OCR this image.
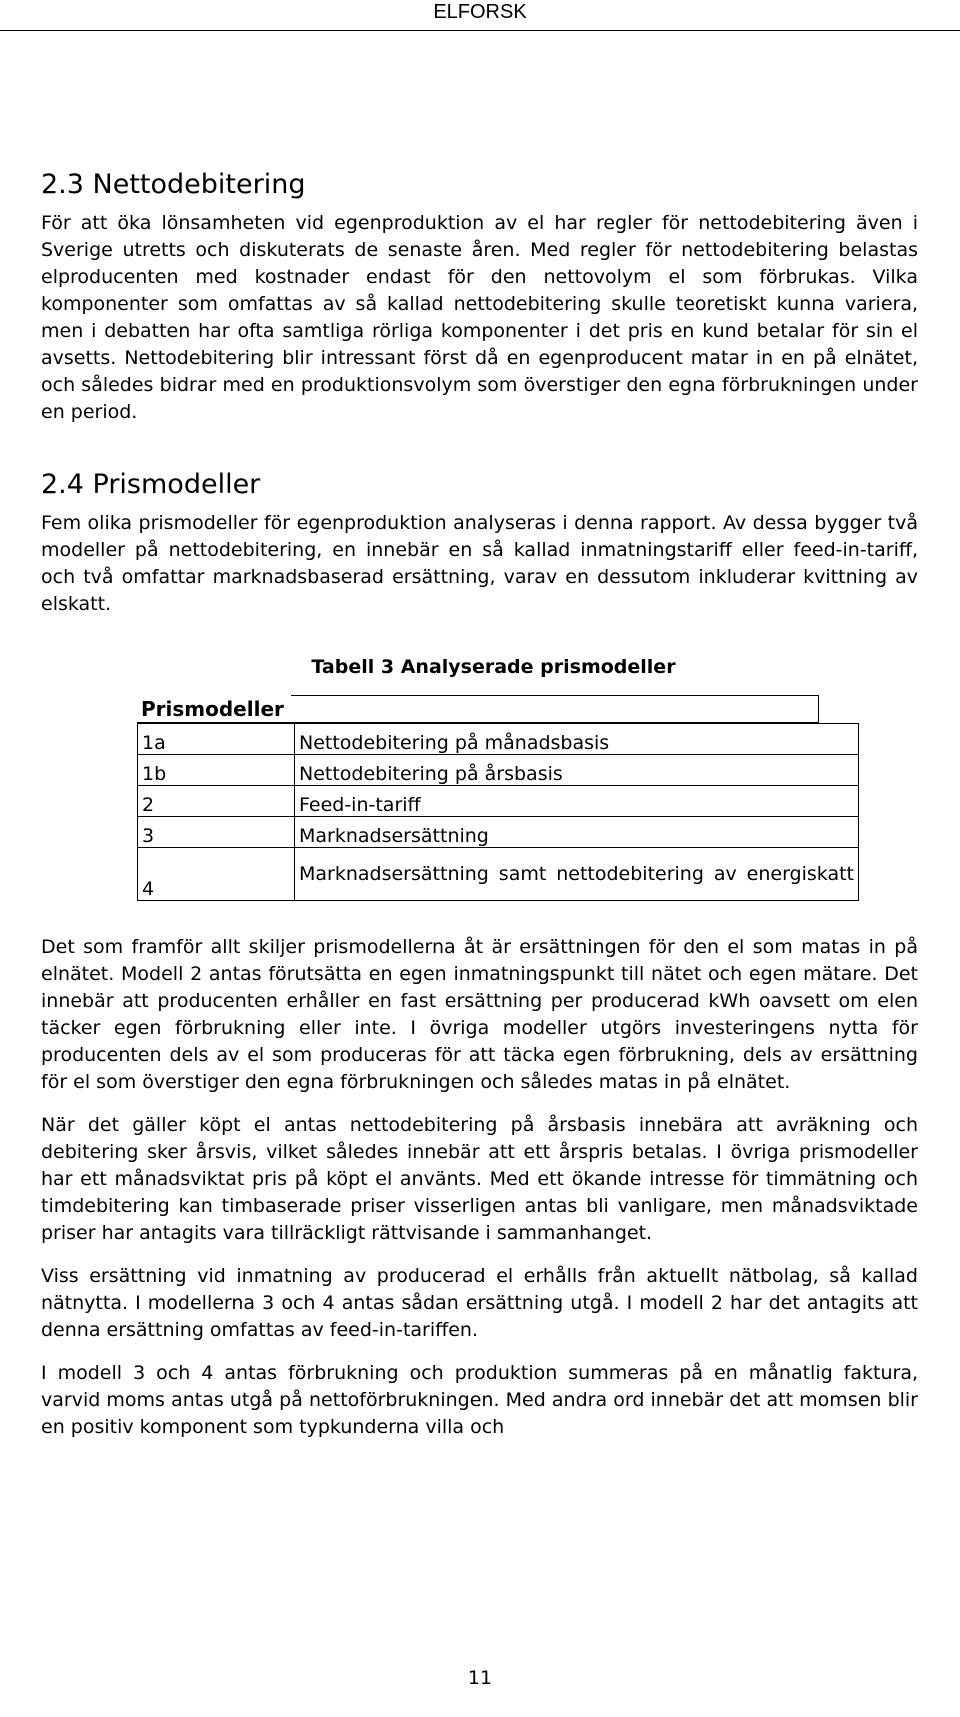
ELFORSK
2.3 Nettodebitering

För att öka lönsamheten vid egenproduktion av el har regler för nettodebitering även i Sverige utretts och diskuterats de senaste åren. Med regler för nettodebitering belastas elproducenten med kostnader endast för den nettovolym el som förbrukas. Vilka komponenter som omfattas av så kallad nettodebitering skulle teoretiskt kunna variera, men i debatten har ofta samtliga rörliga komponenter i det pris en kund betalar för sin el avsetts. Nettodebitering blir intressant först då en egenproducent matar in en på elnätet, och således bidrar med en produktionsvolym som överstiger den egna förbrukningen under en period.

2.4 Prismodeller

Fem olika prismodeller för egenproduktion analyseras i denna rapport. Av dessa bygger två modeller på nettodebitering, en innebär en så kallad inmatningstariff eller feed-in-tariff, och två omfattar marknadsbaserad ersättning, varav en dessutom inkluderar kvittning av elskatt.

Tabell 3 Analyserade prismodeller
Prismodeller
1a	Nettodebitering på månadsbasis
1b	Nettodebitering på årsbasis
2	Feed-in-tariff
3	Marknadsersättning
4	Marknadsersättning samt nettodebitering av energiskatt

Det som framför allt skiljer prismodellerna åt är ersättningen för den el som matas in på elnätet. Modell 2 antas förutsätta en egen inmatningspunkt till nätet och egen mätare. Det innebär att producenten erhåller en fast ersättning per producerad kWh oavsett om elen täcker egen förbrukning eller inte. I övriga modeller utgörs investeringens nytta för producenten dels av el som produceras för att täcka egen förbrukning, dels av ersättning för el som överstiger den egna förbrukningen och således matas in på elnätet.

När det gäller köpt el antas nettodebitering på årsbasis innebära att avräkning och debitering sker årsvis, vilket således innebär att ett årspris betalas. I övriga prismodeller har ett månadsviktat pris på köpt el använts. Med ett ökande intresse för timmätning och timdebitering kan timbaserade priser visserligen antas bli vanligare, men månadsviktade priser har antagits vara tillräckligt rättvisande i sammanhanget.

Viss ersättning vid inmatning av producerad el erhålls från aktuellt nätbolag, så kallad nätnytta. I modellerna 3 och 4 antas sådan ersättning utgå. I modell 2 har det antagits att denna ersättning omfattas av feed-in-tariffen.

I modell 3 och 4 antas förbrukning och produktion summeras på en månatlig faktura, varvid moms antas utgå på nettoförbrukningen. Med andra ord innebär det att momsen blir en positiv komponent som typkunderna villa och

11
